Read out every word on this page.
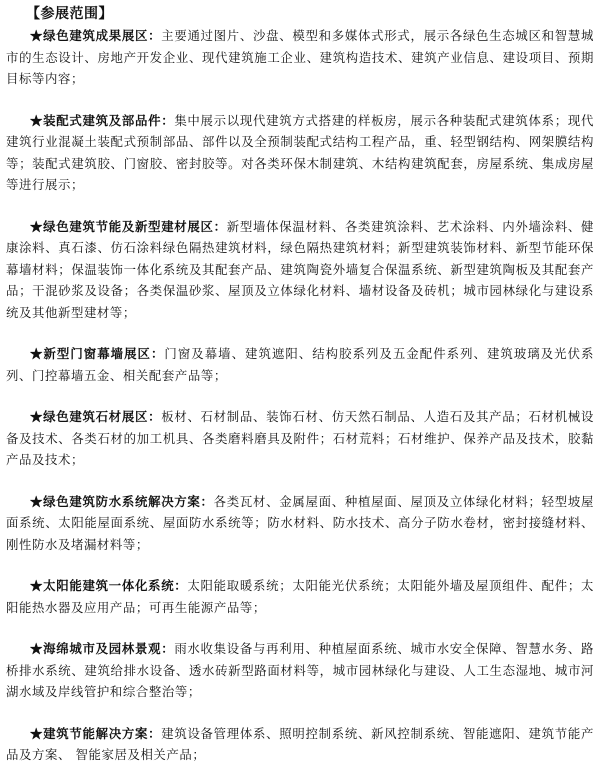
【参展范围】

★绿色建筑成果展区：主要通过图片、沙盘、模型和多媒体式形式，展示各绿色生态城区和智慧城市的生态设计、房地产开发企业、现代建筑施工企业、建筑构造技术、建筑产业信息、建设项目、预期目标等内容；

★装配式建筑及部品件：集中展示以现代建筑方式搭建的样板房，展示各种装配式建筑体系；现代建筑行业混凝土装配式预制部品、部件以及全预制装配式结构工程产品，重、轻型钢结构、网架膜结构等；装配式建筑胶、门窗胶、密封胶等。对各类环保木制建筑、木结构建筑配套，房屋系统、集成房屋等进行展示；

★绿色建筑节能及新型建材展区：新型墙体保温材料、各类建筑涂料、艺术涂料、内外墙涂料、健康涂料、真石漆、仿石涂料绿色隔热建筑材料，绿色隔热建筑材料；新型建筑装饰材料、新型节能环保幕墙材料；保温装饰一体化系统及其配套产品、建筑陶瓷外墙复合保温系统、新型建筑陶板及其配套产品；干混砂浆及设备；各类保温砂浆、屋顶及立体绿化材料、墙材设备及砖机；城市园林绿化与建设系统及其他新型建材等；

★新型门窗幕墙展区：门窗及幕墙、建筑遮阳、结构胶系列及五金配件系列、建筑玻璃及光伏系列、门控幕墙五金、相关配套产品等；

★绿色建筑石材展区：板材、石材制品、装饰石材、仿天然石制品、人造石及其产品；石材机械设备及技术、各类石材的加工机具、各类磨料磨具及附件；石材荒料；石材维护、保养产品及技术，胶黏产品及技术；

★绿色建筑防水系统解决方案：各类瓦材、金属屋面、种植屋面、屋顶及立体绿化材料；轻型坡屋面系统、太阳能屋面系统、屋面防水系统等；防水材料、防水技术、高分子防水卷材，密封接缝材料、刚性防水及堵漏材料等；

★太阳能建筑一体化系统：太阳能取暖系统；太阳能光伏系统；太阳能外墙及屋顶组件、配件；太阳能热水器及应用产品；可再生能源产品等；

★海绵城市及园林景观：雨水收集设备与再利用、种植屋面系统、城市水安全保障、智慧水务、路桥排水系统、建筑给排水设备、透水砖新型路面材料等，城市园林绿化与建设、人工生态湿地、城市河湖水域及岸线管护和综合整治等；

★建筑节能解决方案：建筑设备管理体系、照明控制系统、新风控制系统、智能遮阳、建筑节能产品及方案、 智能家居及相关产品；
